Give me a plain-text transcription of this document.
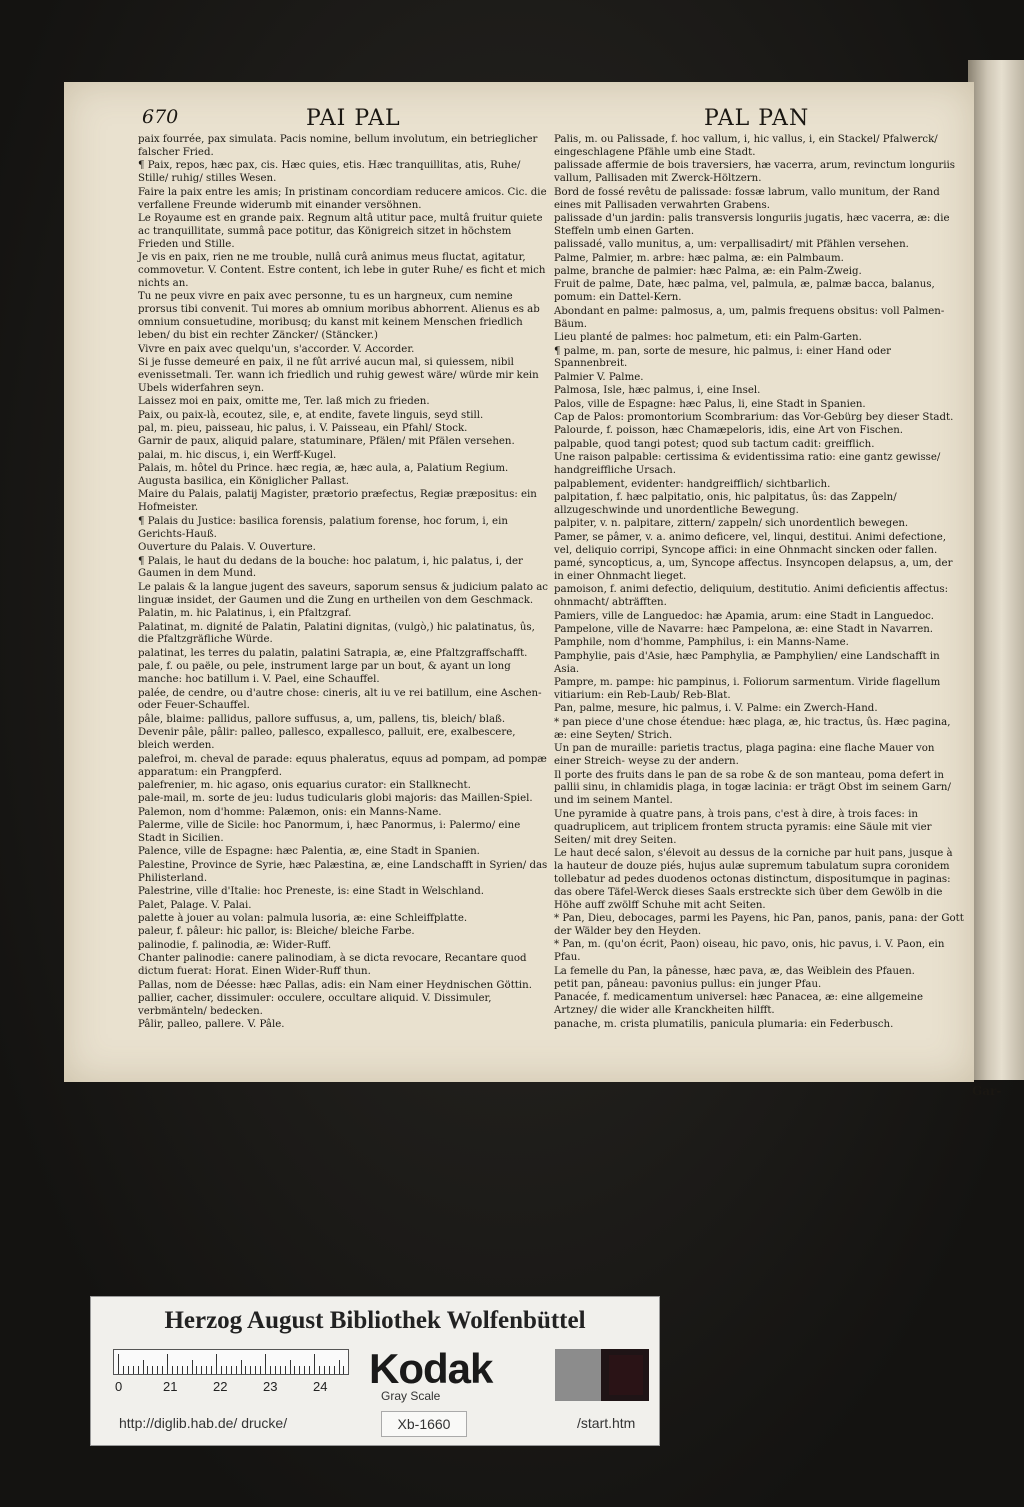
670	PAI PAL	PAL PAN
paix fourrée, pax simulata. Pacis nomine, bellum involutum, ein betrieglicher falscher Fried.
¶ Paix, repos, hæc pax, cis. Hæc quies, etis. Hæc tranquillitas, atis, Ruhe/ Stille/ ruhig/ stilles Wesen.
Faire la paix entre les amis; In pristinam concordiam reducere amicos. Cic. die verfallene Freunde widerumb mit einander versöhnen.
Le Royaume est en grande paix. Regnum altâ utitur pace, multâ fruitur quiete ac tranquillitate, summâ pace potitur, das Königreich sitzet in höchstem Frieden und Stille.
Je vis en paix, rien ne me trouble, nullâ curâ animus meus fluctat, agitatur, commovetur. V. Content. Estre content, ich lebe in guter Ruhe/ es ficht et mich nichts an.
Tu ne peux vivre en paix avec personne, tu es un hargneux, cum nemine prorsus tibi convenit. Tui mores ab omnium moribus abhorrent. Alienus es ab omnium consuetudine, moribusq; du kanst mit keinem Menschen friedlich leben/ du bist ein rechter Zäncker/ (Stäncker.)
Vivre en paix avec quelqu'un, s'accorder. V. Accorder.
Si je fusse demeuré en paix, il ne fût arrivé aucun mal, si quiessem, nibil evenissetmali. Ter. wann ich friedlich und ruhig gewest wäre/ würde mir kein Ubels widerfahren seyn.
Laissez moi en paix, omitte me, Ter. laß mich zu frieden.
Paix, ou paix-là, ecoutez, sile, e, at endite, favete linguis, seyd still.
pal, m. pieu, paisseau, hic palus, i. V. Paisseau, ein Pfahl/ Stock.
Garnir de paux, aliquid palare, statuminare, Pfälen/ mit Pfälen versehen.
palai, m. hic discus, i, ein Werff-Kugel.
Palais, m. hôtel du Prince. hæc regia, æ, hæc aula, a, Palatium Regium. Augusta basilica, ein Königlicher Pallast.
Maire du Palais, palatij Magister, prætorio præfectus, Regiæ præpositus: ein Hofmeister.
¶ Palais du Justice: basilica forensis, palatium forense, hoc forum, i, ein Gerichts-Hauß.
Ouverture du Palais. V. Ouverture.
¶ Palais, le haut du dedans de la bouche: hoc palatum, i, hic palatus, i, der Gaumen in dem Mund.
Le palais & la langue jugent des saveurs, saporum sensus & judicium palato ac linguæ insidet, der Gaumen und die Zung en urtheilen von dem Geschmack.
Palatin, m. hic Palatinus, i, ein Pfaltzgraf.
Palatinat, m. dignité de Palatin, Palatini dignitas, (vulgò,) hic palatinatus, ûs, die Pfaltzgräfliche Würde.
palatinat, les terres du palatin, palatini Satrapia, æ, eine Pfaltzgraffschafft.
pale, f. ou paële, ou pele, instrument large par un bout, & ayant un long manche: hoc batillum i. V. Pael, eine Schauffel.
palée, de cendre, ou d'autre chose: cineris, alt iu ve rei batillum, eine Aschen- oder Feuer-Schauffel.
pâle, blaime: pallidus, pallore suffusus, a, um, pallens, tis, bleich/ blaß.
Devenir pâle, pâlir: palleo, pallesco, expallesco, palluit, ere, exalbescere, bleich werden.
palefroi, m. cheval de parade: equus phaleratus, equus ad pompam, ad pompæ apparatum: ein Prangpferd.
palefrenier, m. hic agaso, onis equarius curator: ein Stallknecht.
pale-mail, m. sorte de jeu: ludus tudicularis globi majoris: das Maillen-Spiel.
Palemon, nom d'homme: Palæmon, onis: ein Manns-Name.
Palerme, ville de Sicile: hoc Panormum, i, hæc Panormus, i: Palermo/ eine Stadt in Sicilien.
Palence, ville de Espagne: hæc Palentia, æ, eine Stadt in Spanien.
Palestine, Province de Syrie, hæc Palæstina, æ, eine Landschafft in Syrien/ das Philisterland.
Palestrine, ville d'Italie: hoc Preneste, is: eine Stadt in Welschland.
Palet, Palage. V. Palai.
palette à jouer au volan: palmula lusoria, æ: eine Schleiffplatte.
paleur, f. pâleur: hic pallor, is: Bleiche/ bleiche Farbe.
palinodie, f. palinodia, æ: Wider-Ruff.
Chanter palinodie: canere palinodiam, à se dicta revocare, Recantare quod dictum fuerat: Horat. Einen Wider-Ruff thun.
Pallas, nom de Déesse: hæc Pallas, adis: ein Nam einer Heydnischen Göttin.
pallier, cacher, dissimuler: occulere, occultare aliquid. V. Dissimuler, verbmänteln/ bedecken.
Pâlir, palleo, pallere. V. Pâle.
Palis, m. ou Palissade, f. hoc vallum, i, hic vallus, i, ein Stackel/ Pfalwerck/ eingeschlagene Pfähle umb eine Stadt.
palissade affermie de bois traversiers, hæ vacerra, arum, revinctum longuriis vallum, Pallisaden mit Zwerck-Höltzern.
Bord de fossé revêtu de palissade: fossæ labrum, vallo munitum, der Rand eines mit Pallisaden verwahrten Grabens.
palissade d'un jardin: palis transversis longuriis jugatis, hæc vacerra, æ: die Steffeln umb einen Garten.
palissadé, vallo munitus, a, um: verpallisadirt/ mit Pfählen versehen.
Palme, Palmier, m. arbre: hæc palma, æ: ein Palmbaum.
palme, branche de palmier: hæc Palma, æ: ein Palm-Zweig.
Fruit de palme, Date, hæc palma, vel, palmula, æ, palmæ bacca, balanus, pomum: ein Dattel-Kern.
Abondant en palme: palmosus, a, um, palmis frequens obsitus: voll Palmen-Bäum.
Lieu planté de palmes: hoc palmetum, eti: ein Palm-Garten.
¶ palme, m. pan, sorte de mesure, hic palmus, i: einer Hand oder Spannenbreit.
Palmier V. Palme.
Palmosa, Isle, hæc palmus, i, eine Insel.
Palos, ville de Espagne: hæc Palus, li, eine Stadt in Spanien.
Cap de Palos: promontorium Scombrarium: das Vor-Gebürg bey dieser Stadt.
Palourde, f. poisson, hæc Chamæpeloris, idis, eine Art von Fischen.
palpable, quod tangi potest; quod sub tactum cadit: greifflich.
Une raison palpable: certissima & evidentissima ratio: eine gantz gewisse/ handgreiffliche Ursach.
palpablement, evidenter: handgreifflich/ sichtbarlich.
palpitation, f. hæc palpitatio, onis, hic palpitatus, ûs: das Zappeln/ allzugeschwinde und unordentliche Bewegung.
palpiter, v. n. palpitare, zittern/ zappeln/ sich unordentlich bewegen.
Pamer, se pâmer, v. a. animo deficere, vel, linqui, destitui. Animi defectione, vel, deliquio corripi, Syncope affici: in eine Ohnmacht sincken oder fallen.
pamé, syncopticus, a, um, Syncope affectus. Insyncopen delapsus, a, um, der in einer Ohnmacht lieget.
pamoison, f. animi defectio, deliquium, destitutio. Animi deficientis affectus: ohnmacht/ abträfften.
Pamiers, ville de Languedoc: hæ Apamia, arum: eine Stadt in Languedoc.
Pampelone, ville de Navarre: hæc Pampelona, æ: eine Stadt in Navarren.
Pamphile, nom d'homme, Pamphilus, i: ein Manns-Name.
Pamphylie, pais d'Asie, hæc Pamphylia, æ Pamphylien/ eine Landschafft in Asia.
Pampre, m. pampe: hic pampinus, i. Foliorum sarmentum. Viride flagellum vitiarium: ein Reb-Laub/ Reb-Blat.
Pan, palme, mesure, hic palmus, i. V. Palme: ein Zwerch-Hand.
* pan piece d'une chose étendue: hæc plaga, æ, hic tractus, ûs. Hæc pagina, æ: eine Seyten/ Strich.
Un pan de muraille: parietis tractus, plaga pagina: eine flache Mauer von einer Streich- weyse zu der andern.
Il porte des fruits dans le pan de sa robe & de son manteau, poma defert in pallii sinu, in chlamidis plaga, in togæ lacinia: er trägt Obst im seinem Garn/ und im seinem Mantel.
Une pyramide à quatre pans, à trois pans, c'est à dire, à trois faces: in quadruplicem, aut triplicem frontem structa pyramis: eine Säule mit vier Seiten/ mit drey Seiten.
Le haut decé salon, s'élevoit au dessus de la corniche par huit pans, jusque à la hauteur de douze piés, hujus aulæ supremum tabulatum supra coronidem tollebatur ad pedes duodenos octonas distinctum, dispositumque in paginas: das obere Täfel-Werck dieses Saals erstreckte sich über dem Gewölb in die Höhe auff zwölff Schuhe mit acht Seiten.
* Pan, Dieu, debocages, parmi les Payens, hic Pan, panos, panis, pana: der Gott der Wälder bey den Heyden.
* Pan, m. (qu'on écrit, Paon) oiseau, hic pavo, onis, hic pavus, i. V. Paon, ein Pfau.
La femelle du Pan, la pânesse, hæc pava, æ, das Weiblein des Pfauen.
petit pan, pâneau: pavonius pullus: ein junger Pfau.
Panacée, f. medicamentum universel: hæc Panacea, æ: eine allgemeine Artzney/ die wider alle Kranckheiten hilfft.
panache, m. crista plumatilis, panicula plumaria: ein Federbusch.
Gar-
Herzog August Bibliothek Wolfenbüttel
0	21	22	23	24 Kodak
Gray Scale
http://diglib.hab.de/ drucke/	Xb-1660	/start.htm
